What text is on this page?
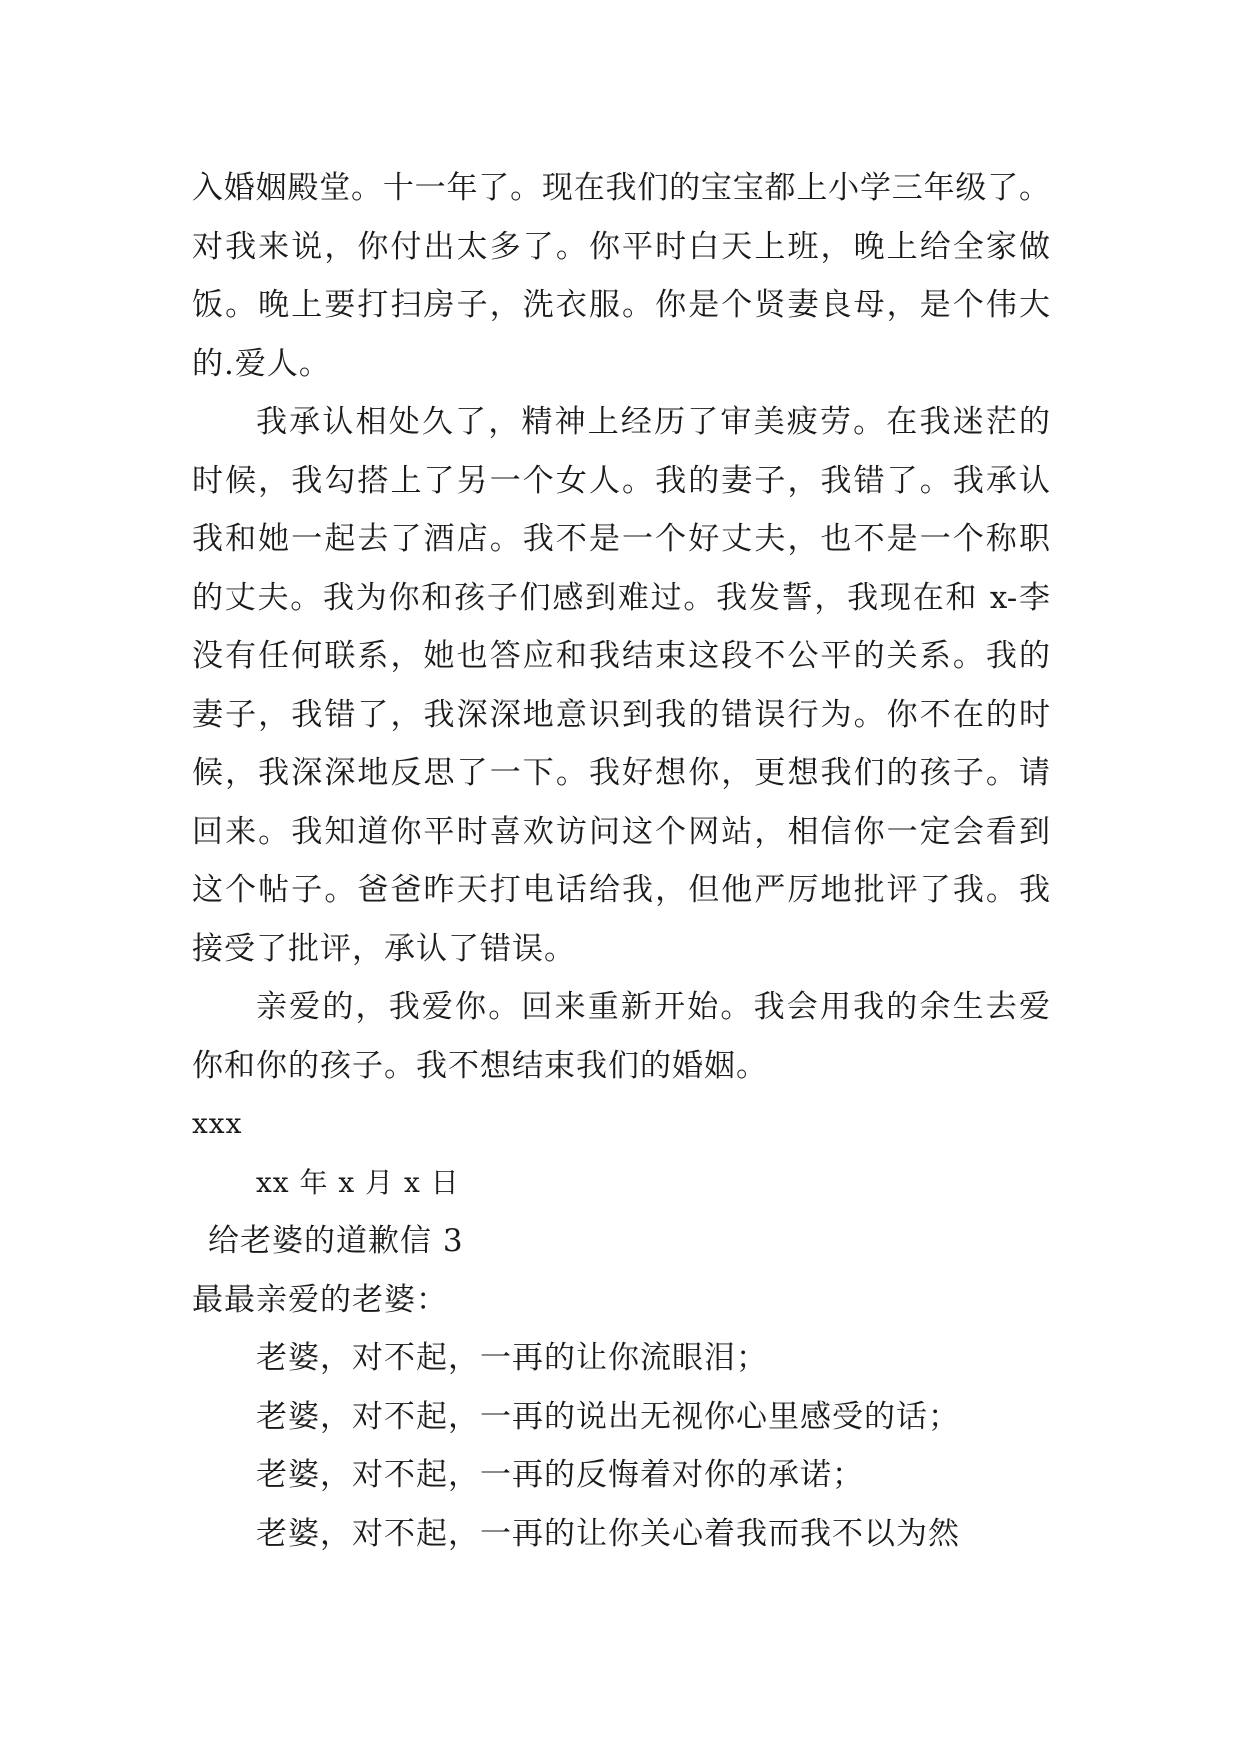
入婚姻殿堂。十一年了。现在我们的宝宝都上小学三年级了。
对我来说，你付出太多了。你平时白天上班，晚上给全家做
饭。晚上要打扫房子，洗衣服。你是个贤妻良母，是个伟大
的.爱人。
我承认相处久了，精神上经历了审美疲劳。在我迷茫的
时候，我勾搭上了另一个女人。我的妻子，我错了。我承认
我和她一起去了酒店。我不是一个好丈夫，也不是一个称职
的丈夫。我为你和孩子们感到难过。我发誓，我现在和 x-李
没有任何联系，她也答应和我结束这段不公平的关系。我的
妻子，我错了，我深深地意识到我的错误行为。你不在的时
候，我深深地反思了一下。我好想你，更想我们的孩子。请
回来。我知道你平时喜欢访问这个网站，相信你一定会看到
这个帖子。爸爸昨天打电话给我，但他严厉地批评了我。我
接受了批评，承认了错误。
亲爱的，我爱你。回来重新开始。我会用我的余生去爱
你和你的孩子。我不想结束我们的婚姻。
xxx
xx 年 x 月 x 日
给老婆的道歉信 3
最最亲爱的老婆：
老婆，对不起，一再的让你流眼泪；
老婆，对不起，一再的说出无视你心里感受的话；
老婆，对不起，一再的反悔着对你的承诺；
老婆，对不起，一再的让你关心着我而我不以为然
